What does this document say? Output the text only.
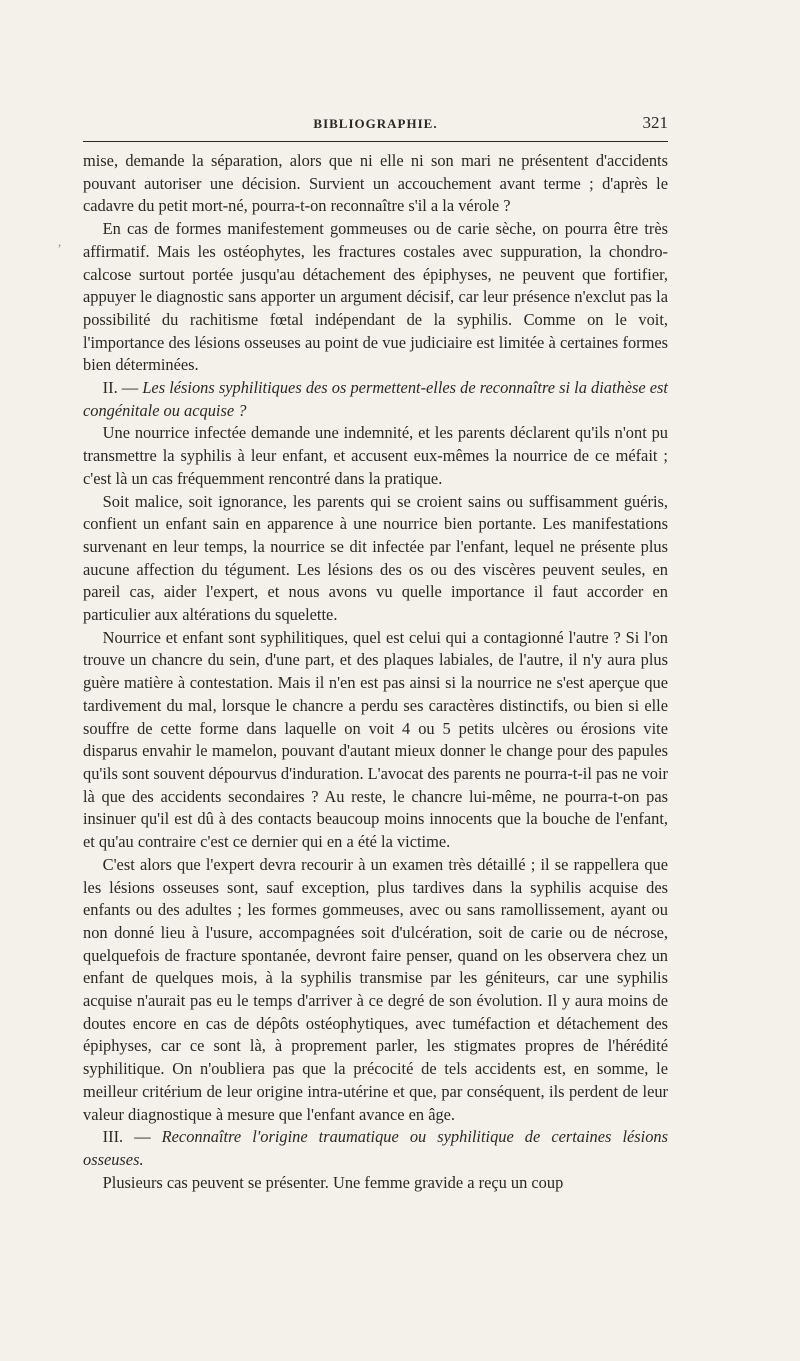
BIBLIOGRAPHIE.	321
,

mise, demande la séparation, alors que ni elle ni son mari ne présentent d'accidents pouvant autoriser une décision. Survient un accouchement avant terme ; d'après le cadavre du petit mort-né, pourra-t-on reconnaître s'il a la vérole ?

En cas de formes manifestement gommeuses ou de carie sèche, on pourra être très affirmatif. Mais les ostéophytes, les fractures costales avec suppuration, la chondro-calcose surtout portée jusqu'au détachement des épiphyses, ne peuvent que fortifier, appuyer le diagnostic sans apporter un argument décisif, car leur présence n'exclut pas la possibilité du rachitisme fœtal indépendant de la syphilis. Comme on le voit, l'importance des lésions osseuses au point de vue judiciaire est limitée à certaines formes bien déterminées.

II. — Les lésions syphilitiques des os permettent-elles de reconnaître si la diathèse est congénitale ou acquise ?

Une nourrice infectée demande une indemnité, et les parents déclarent qu'ils n'ont pu transmettre la syphilis à leur enfant, et accusent eux-mêmes la nourrice de ce méfait ; c'est là un cas fréquemment rencontré dans la pratique.

Soit malice, soit ignorance, les parents qui se croient sains ou suffisamment guéris, confient un enfant sain en apparence à une nourrice bien portante. Les manifestations survenant en leur temps, la nourrice se dit infectée par l'enfant, lequel ne présente plus aucune affection du tégument. Les lésions des os ou des viscères peuvent seules, en pareil cas, aider l'expert, et nous avons vu quelle importance il faut accorder en particulier aux altérations du squelette.

Nourrice et enfant sont syphilitiques, quel est celui qui a contagionné l'autre ? Si l'on trouve un chancre du sein, d'une part, et des plaques labiales, de l'autre, il n'y aura plus guère matière à contestation. Mais il n'en est pas ainsi si la nourrice ne s'est aperçue que tardivement du mal, lorsque le chancre a perdu ses caractères distinctifs, ou bien si elle souffre de cette forme dans laquelle on voit 4 ou 5 petits ulcères ou érosions vite disparus envahir le mamelon, pouvant d'autant mieux donner le change pour des papules qu'ils sont souvent dépourvus d'induration. L'avocat des parents ne pourra-t-il pas ne voir là que des accidents secondaires ? Au reste, le chancre lui-même, ne pourra-t-on pas insinuer qu'il est dû à des contacts beaucoup moins innocents que la bouche de l'enfant, et qu'au contraire c'est ce dernier qui en a été la victime.

C'est alors que l'expert devra recourir à un examen très détaillé ; il se rappellera que les lésions osseuses sont, sauf exception, plus tardives dans la syphilis acquise des enfants ou des adultes ; les formes gommeuses, avec ou sans ramollissement, ayant ou non donné lieu à l'usure, accompagnées soit d'ulcération, soit de carie ou de nécrose, quelquefois de fracture spontanée, devront faire penser, quand on les observera chez un enfant de quelques mois, à la syphilis transmise par les géniteurs, car une syphilis acquise n'aurait pas eu le temps d'arriver à ce degré de son évolution. Il y aura moins de doutes encore en cas de dépôts ostéophytiques, avec tuméfaction et détachement des épiphyses, car ce sont là, à proprement parler, les stigmates propres de l'hérédité syphilitique. On n'oubliera pas que la précocité de tels accidents est, en somme, le meilleur critérium de leur origine intra-utérine et que, par conséquent, ils perdent de leur valeur diagnostique à mesure que l'enfant avance en âge.

III. — Reconnaître l'origine traumatique ou syphilitique de certaines lésions osseuses.

Plusieurs cas peuvent se présenter. Une femme gravide a reçu un coup
